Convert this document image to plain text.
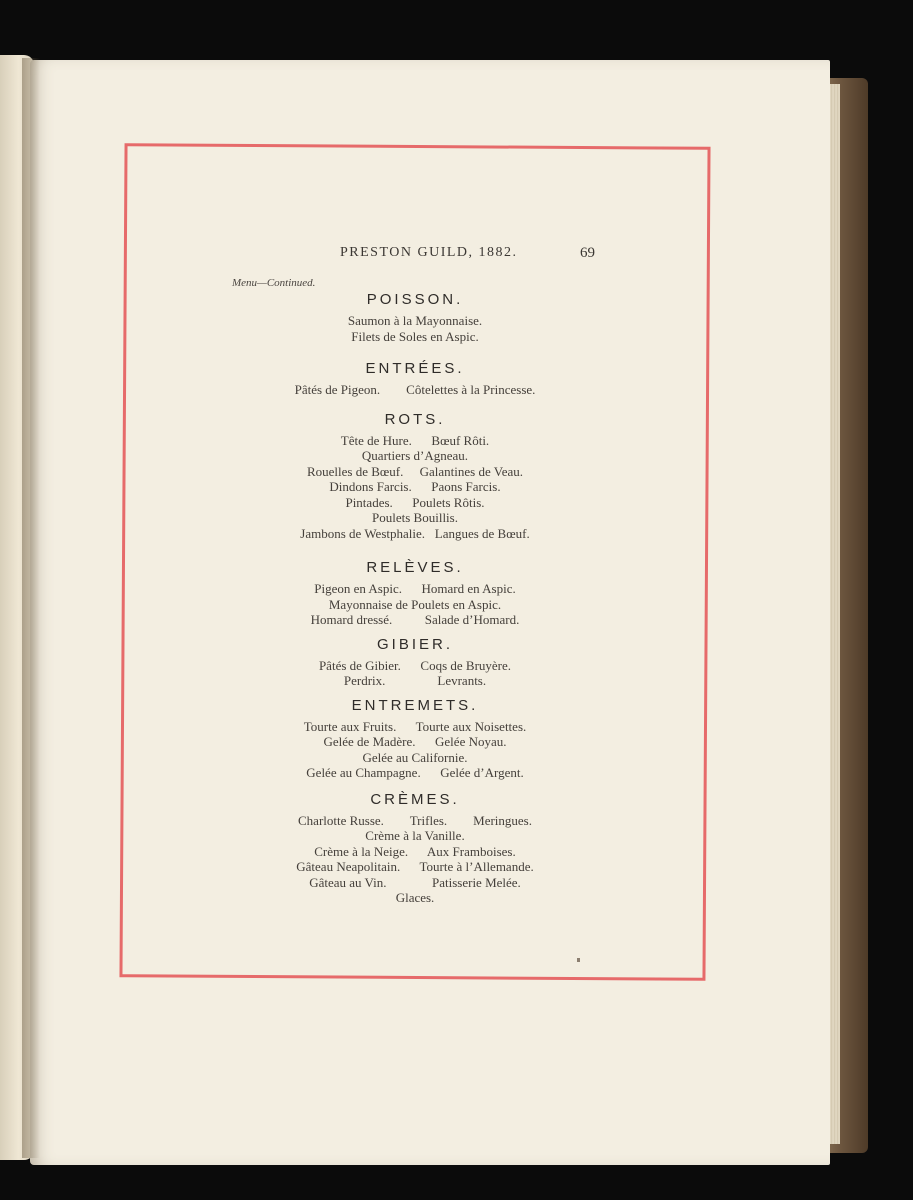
PRESTON GUILD, 1882.	69
Menu—Continued.
POISSON.
Saumon à la Mayonnaise.
Filets de Soles en Aspic.
ENTRÉES.
Pâtés de Pigeon.        Côtelettes à la Princesse.
ROTS.
Tête de Hure.      Bœuf Rôti.
Quartiers d’Agneau.
Rouelles de Bœuf.     Galantines de Veau.
Dindons Farcis.      Paons Farcis.
Pintades.      Poulets Rôtis.
Poulets Bouillis.
Jambons de Westphalie.   Langues de Bœuf.
RELÈVES.
Pigeon en Aspic.      Homard en Aspic.
Mayonnaise de Poulets en Aspic.
Homard dressé.          Salade d’Homard.
GIBIER.
Pâtés de Gibier.      Coqs de Bruyère.
Perdrix.                Levrants.
ENTREMETS.
Tourte aux Fruits.      Tourte aux Noisettes.
Gelée de Madère.      Gelée Noyau.
Gelée au Californie.
Gelée au Champagne.      Gelée d’Argent.
CRÈMES.
Charlotte Russe.        Trifles.        Meringues.
Crème à la Vanille.
Crème à la Neige.      Aux Framboises.
Gâteau Neapolitain.      Tourte à l’Allemande.
Gâteau au Vin.              Patisserie Melée.
Glaces.
